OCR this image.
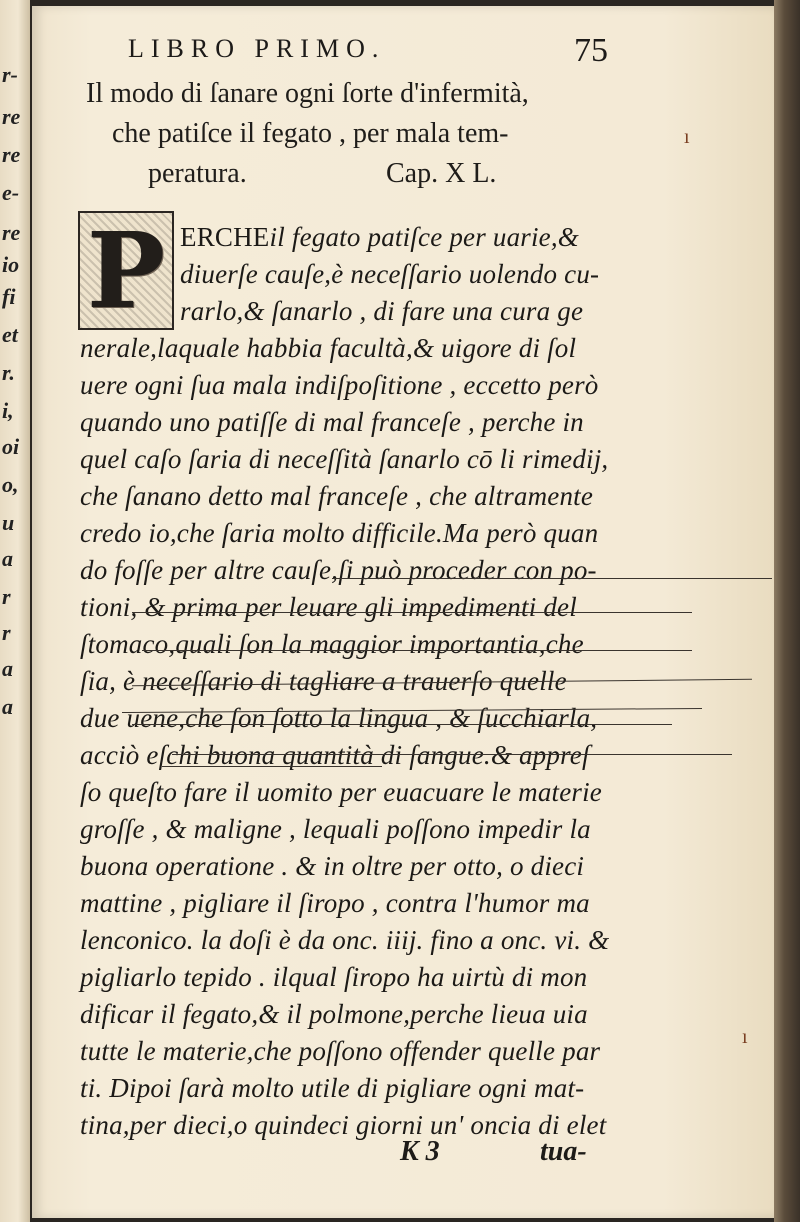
r-
re
re
e-
re
io
fi
et
r.
i,
oi
o,
u
a
r
r
a
a
LIBRO PRIMO.	75
Il modo di ſanare ogni ſorte d'infermità,
che patiſce il fegato , per mala tem-
peratura.	Cap. X L.
P ERCHEil fegato patiſce per uarie,&
diuerſe cauſe,è neceſſario uolendo cu-
rarlo,& ſanarlo , di fare una cura ge
nerale,laquale habbia facultà,& uigore di ſol
uere ogni ſua mala indiſpoſitione , eccetto però
quando uno patiſſe di mal franceſe , perche in
quel caſo ſaria di neceſſità ſanarlo cō li rimedij,
che ſanano detto mal franceſe , che altramente
credo io,che ſaria molto difficile.Ma però quan
do foſſe per altre cauſe,ſi può proceder con po-
tioni, & prima per leuare gli impedimenti del
ſtomaco,quali ſon la maggior importantia,che
ſia, è neceſſario di tagliare a trauerſo quelle
due uene,che ſon ſotto la lingua , & ſucchiarla,
acciò eſchi buona quantità di ſangue.& appreſ
ſo queſto fare il uomito per euacuare le materie
groſſe , & maligne , lequali poſſono impedir la
buona operatione . & in oltre per otto, o dieci
mattine , pigliare il ſiropo , contra l'humor ma
lenconico. la doſi è da onc. iiij. fino a onc. vi. &
pigliarlo tepido . ilqual ſiropo ha uirtù di mon
dificar il fegato,& il polmone,perche lieua uia
tutte le materie,che poſſono offender quelle par
ti. Dipoi ſarà molto utile di pigliare ogni mat-
tina,per dieci,o quindeci giorni un' oncia di elet
ı
ı
K 3	tua-
